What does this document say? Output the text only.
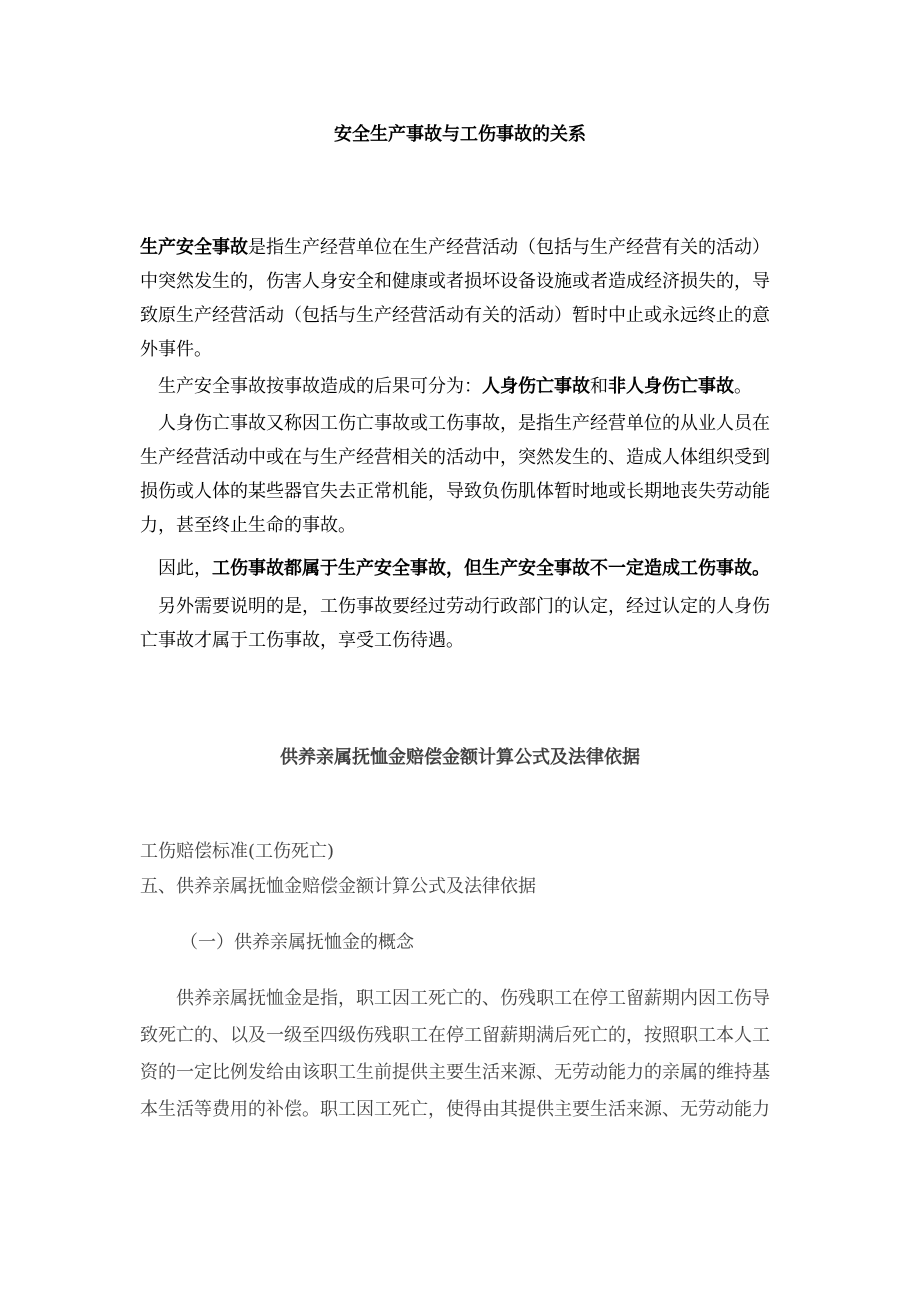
安全生产事故与工伤事故的关系
生产安全事故是指生产经营单位在生产经营活动（包括与生产经营有关的活动）
中突然发生的，伤害人身安全和健康或者损坏设备设施或者造成经济损失的，导
致原生产经营活动（包括与生产经营活动有关的活动）暂时中止或永远终止的意
外事件。
生产安全事故按事故造成的后果可分为：人身伤亡事故和非人身伤亡事故。
人身伤亡事故又称因工伤亡事故或工伤事故，是指生产经营单位的从业人员在
生产经营活动中或在与生产经营相关的活动中，突然发生的、造成人体组织受到
损伤或人体的某些器官失去正常机能，导致负伤肌体暂时地或长期地丧失劳动能
力，甚至终止生命的事故。
因此，工伤事故都属于生产安全事故，但生产安全事故不一定造成工伤事故。
另外需要说明的是，工伤事故要经过劳动行政部门的认定，经过认定的人身伤
亡事故才属于工伤事故，享受工伤待遇。
供养亲属抚恤金赔偿金额计算公式及法律依据
工伤赔偿标准(工伤死亡)
五、供养亲属抚恤金赔偿金额计算公式及法律依据
（一）供养亲属抚恤金的概念
供养亲属抚恤金是指，职工因工死亡的、伤残职工在停工留薪期内因工伤导
致死亡的、以及一级至四级伤残职工在停工留薪期满后死亡的，按照职工本人工
资的一定比例发给由该职工生前提供主要生活来源、无劳动能力的亲属的维持基
本生活等费用的补偿。职工因工死亡，使得由其提供主要生活来源、无劳动能力
